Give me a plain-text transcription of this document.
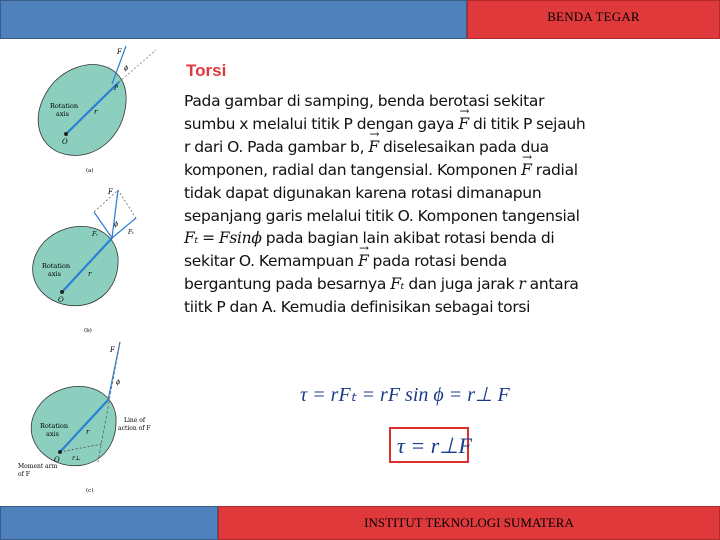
BENDA TEGAR
Rotation
axis	r
O
F
ϕ
P
(a)
Rotation
axis	r
O
Fᵣ	Fₜ
ϕ
F
(b)
Rotation
axis
Line of
action of F
Moment arm
of F
r⊥
r
O
F
ϕ
(c)
Torsi
Pada gambar di samping, benda berotasi sekitar
sumbu x melalui titik P dengan gaya → F di titik P sejauh
r dari O. Pada gambar b, → F diselesaikan pada dua
komponen, radial dan tangensial. Komponen → F radial
tidak dapat digunakan karena rotasi dimanapun
sepanjang garis melalui titik O. Komponen tangensial
Fₜ = Fsinϕ pada bagian lain akibat rotasi benda di
sekitar O. Kemampuan → F pada rotasi benda
bergantung pada besarnya Fₜ dan juga jarak r antara
tiitk P dan A. Kemudia definisikan sebagai torsi
τ = rFₜ = rF sin ϕ = r⊥ F
τ = r⊥F
INSTITUT TEKNOLOGI SUMATERA
